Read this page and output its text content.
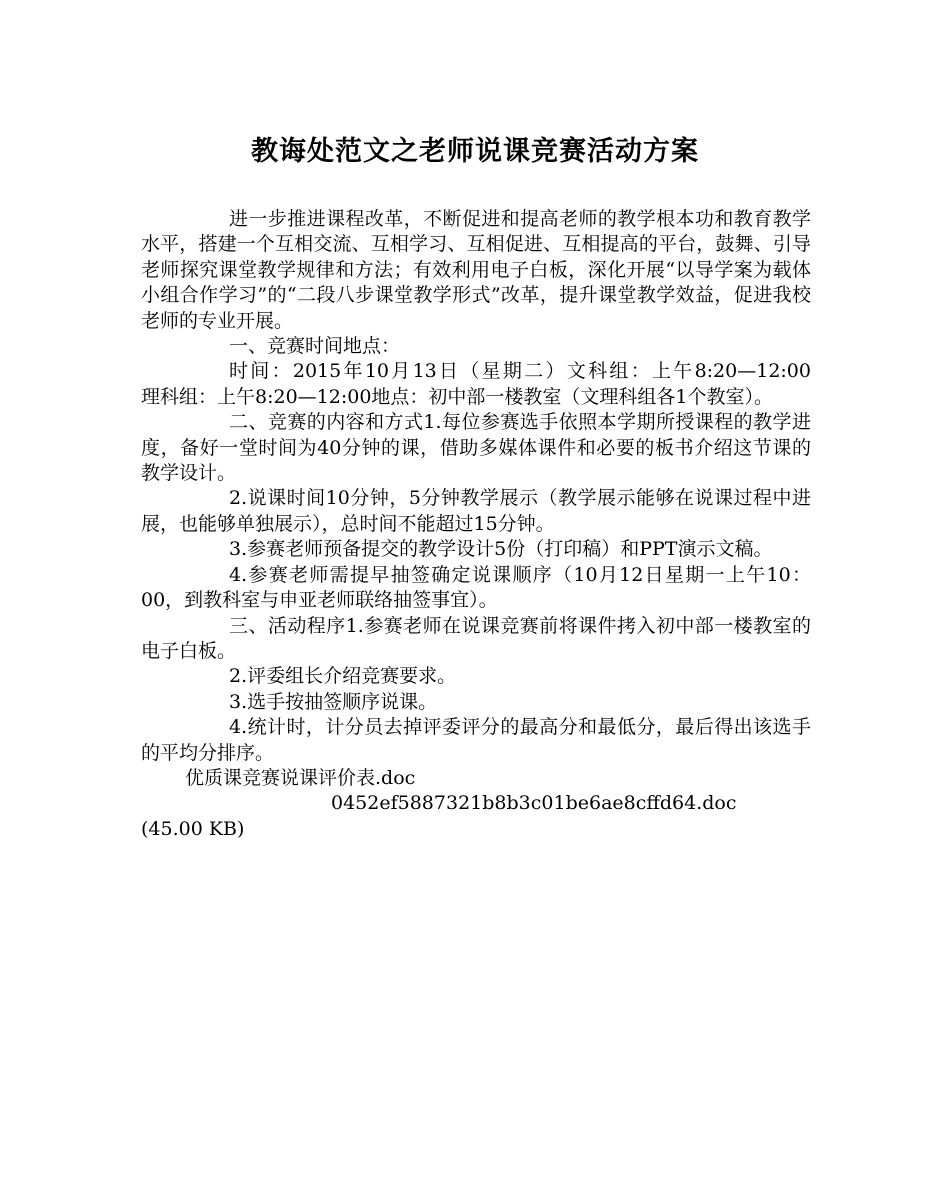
教诲处范文之老师说课竞赛活动方案

进一步推进课程改革，不断促进和提高老师的教学根本功和教育教学水平，搭建一个互相交流、互相学习、互相促进、互相提高的平台，鼓舞、引导老师探究课堂教学规律和方法；有效利用电子白板，深化开展“以导学案为载体小组合作学习”的“二段八步课堂教学形式”改革，提升课堂教学效益，促进我校老师的专业开展。

一、竞赛时间地点：

时间：2015年10月13日（星期二）文科组：上午8:20—12:00　　　　理科组：上午8:20—12:00地点：初中部一楼教室（文理科组各1个教室）。

二、竞赛的内容和方式1.每位参赛选手依照本学期所授课程的教学进度，备好一堂时间为40分钟的课，借助多媒体课件和必要的板书介绍这节课的教学设计。

2.说课时间10分钟，5分钟教学展示（教学展示能够在说课过程中进展，也能够单独展示），总时间不能超过15分钟。

3.参赛老师预备提交的教学设计5份（打印稿）和PPT演示文稿。

4.参赛老师需提早抽签确定说课顺序（10月12日星期一上午10：00，到教科室与申亚老师联络抽签事宜）。

三、活动程序1.参赛老师在说课竞赛前将课件拷入初中部一楼教室的电子白板。

2.评委组长介绍竞赛要求。

3.选手按抽签顺序说课。

4.统计时，计分员去掉评委评分的最高分和最低分，最后得出该选手的平均分排序。

优质课竞赛说课评价表.doc

0452ef5887321b8b3c01be6ae8cffd64.doc　(45.00 KB)
